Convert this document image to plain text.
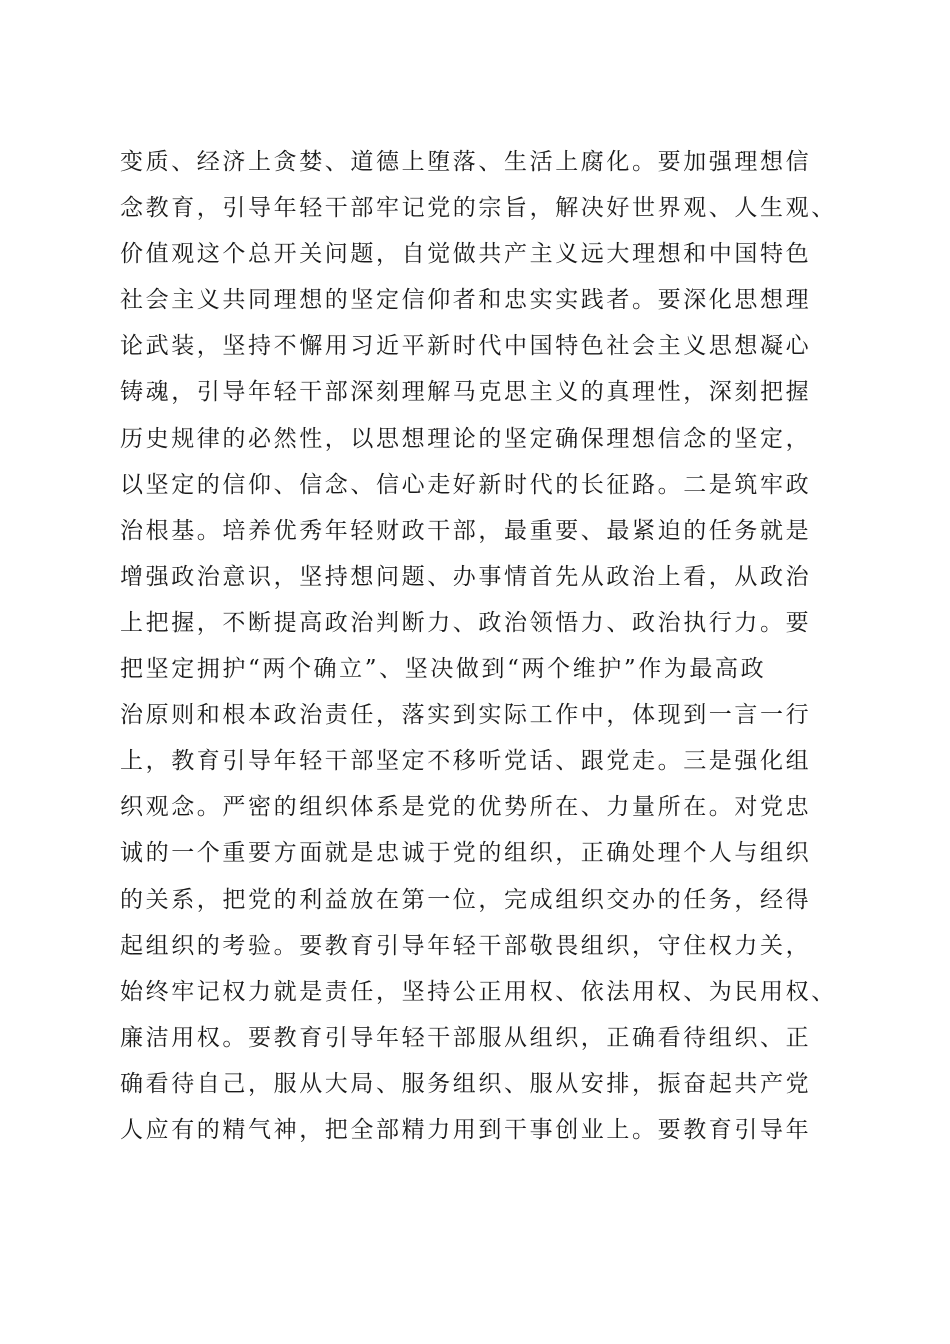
变质、经济上贪婪、道德上堕落、生活上腐化。要加强理想信
念教育，引导年轻干部牢记党的宗旨，解决好世界观、人生观、
价值观这个总开关问题，自觉做共产主义远大理想和中国特色
社会主义共同理想的坚定信仰者和忠实实践者。要深化思想理
论武装，坚持不懈用习近平新时代中国特色社会主义思想凝心
铸魂，引导年轻干部深刻理解马克思主义的真理性，深刻把握
历史规律的必然性，以思想理论的坚定确保理想信念的坚定，
以坚定的信仰、信念、信心走好新时代的长征路。二是筑牢政
治根基。培养优秀年轻财政干部，最重要、最紧迫的任务就是
增强政治意识，坚持想问题、办事情首先从政治上看，从政治
上把握，不断提高政治判断力、政治领悟力、政治执行力。要
把坚定拥护“两个确立”、坚决做到“两个维护”作为最高政
治原则和根本政治责任，落实到实际工作中，体现到一言一行
上，教育引导年轻干部坚定不移听党话、跟党走。三是强化组
织观念。严密的组织体系是党的优势所在、力量所在。对党忠
诚的一个重要方面就是忠诚于党的组织，正确处理个人与组织
的关系，把党的利益放在第一位，完成组织交办的任务，经得
起组织的考验。要教育引导年轻干部敬畏组织，守住权力关，
始终牢记权力就是责任，坚持公正用权、依法用权、为民用权、
廉洁用权。要教育引导年轻干部服从组织，正确看待组织、正
确看待自己，服从大局、服务组织、服从安排，振奋起共产党
人应有的精气神，把全部精力用到干事创业上。要教育引导年
